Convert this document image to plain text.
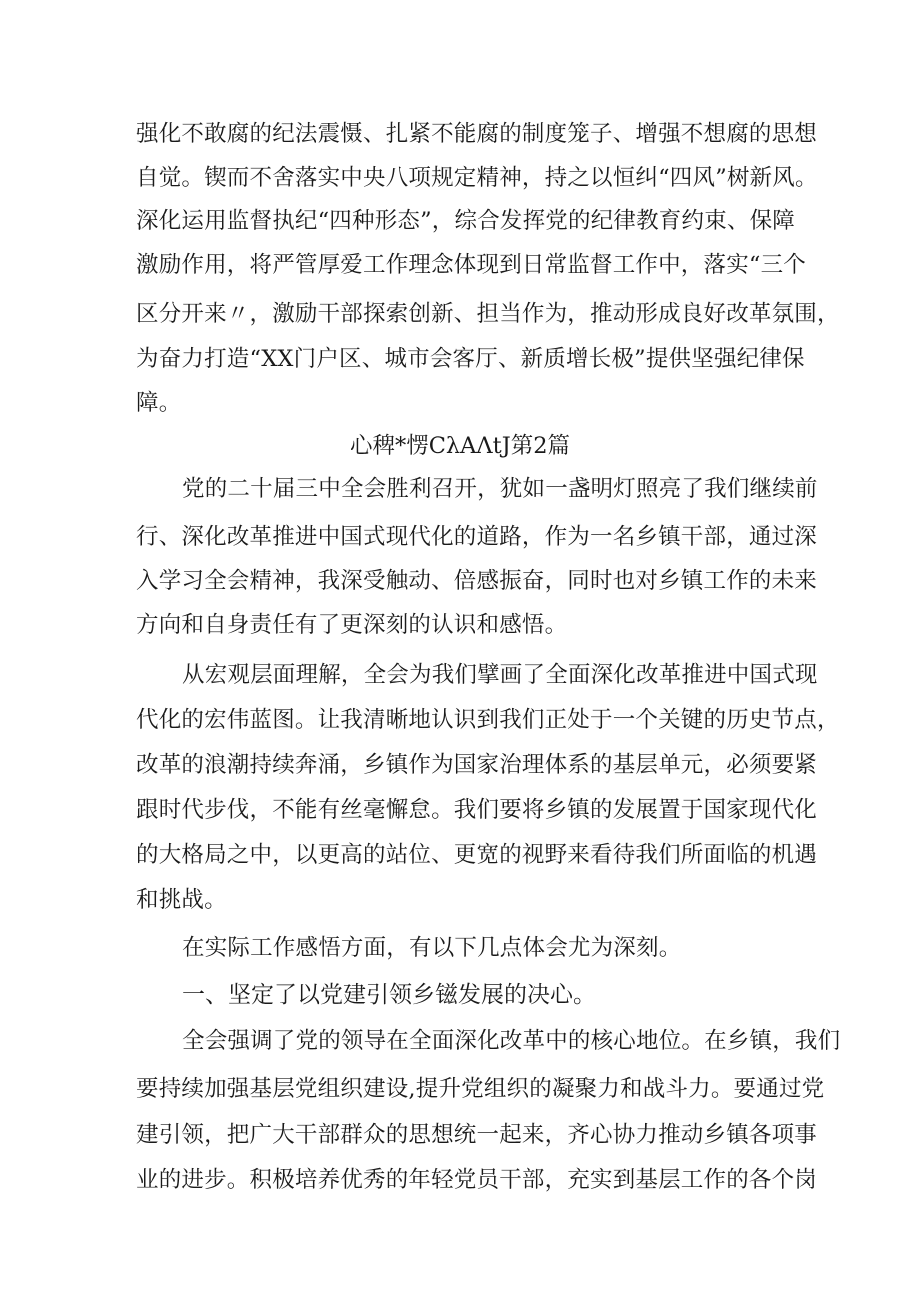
强化不敢腐的纪法震慑、扎紧不能腐的制度笼子、增强不想腐的思想
自觉。锲而不舍落实中央八项规定精神，持之以恒纠“四风”树新风。
深化运用监督执纪“四种形态”，综合发挥党的纪律教育约束、保障
激励作用，将严管厚爱工作理念体现到日常监督工作中，落实“三个
区分开来〃，激励干部探索创新、担当作为，推动形成良好改革氛围，
为奋力打造“XX门户区、城市会客厅、新质增长极”提供坚强纪律保
障。
心稗*愣CλAΛtJ第2篇
党的二十届三中全会胜利召开，犹如一盏明灯照亮了我们继续前
行、深化改革推进中国式现代化的道路，作为一名乡镇干部，通过深
入学习全会精神，我深受触动、倍感振奋，同时也对乡镇工作的未来
方向和自身责任有了更深刻的认识和感悟。
从宏观层面理解，全会为我们擘画了全面深化改革推进中国式现
代化的宏伟蓝图。让我清晰地认识到我们正处于一个关键的历史节点，
改革的浪潮持续奔涌，乡镇作为国家治理体系的基层单元，必须要紧
跟时代步伐，不能有丝毫懈怠。我们要将乡镇的发展置于国家现代化
的大格局之中，以更高的站位、更宽的视野来看待我们所面临的机遇
和挑战。
在实际工作感悟方面，有以下几点体会尤为深刻。
一、坚定了以党建引领乡镃发展的决心。
全会强调了党的领导在全面深化改革中的核心地位。在乡镇，我们
要持续加强基层党组织建设,提升党组织的凝聚力和战斗力。要通过党
建引领，把广大干部群众的思想统一起来，齐心协力推动乡镇各项事
业的进步。积极培养优秀的年轻党员干部，充实到基层工作的各个岗
